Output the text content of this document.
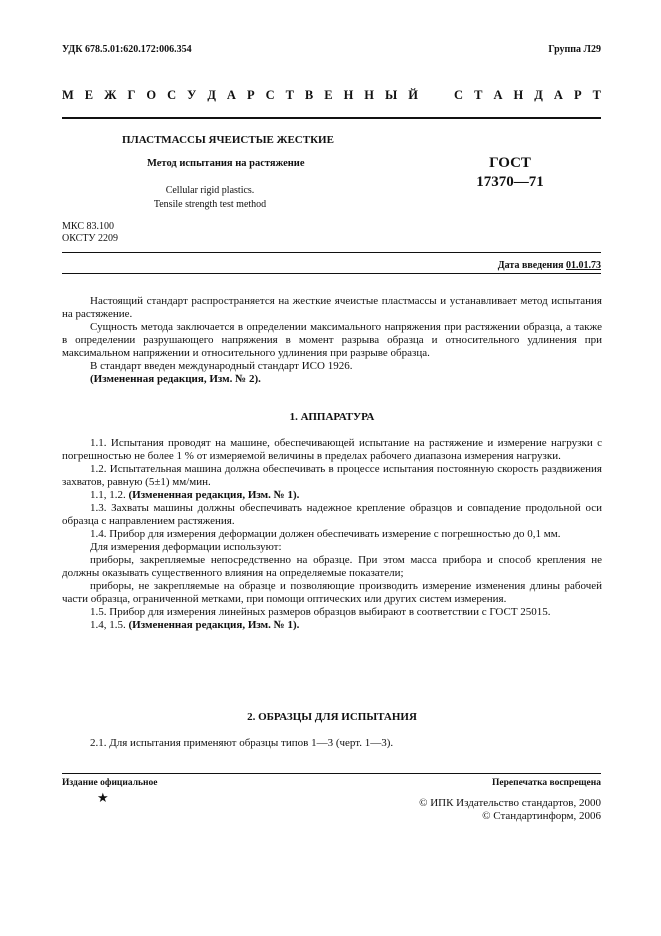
УДК 678.5.01:620.172:006.354	Группа Л29
М Е Ж Г О С У Д А Р С Т В Е Н Н Ы Й	С Т А Н Д А Р Т
ПЛАСТМАССЫ ЯЧЕИСТЫЕ ЖЕСТКИЕ
Метод испытания на растяжение
Cellular rigid plastics.
Tensile strength test method
ГОСТ
17370—71
МКС 83.100
ОКСТУ 2209
Дата введения 01.01.73

Настоящий стандарт распространяется на жесткие ячеистые пластмассы и устанавливает метод испытания на растяжение.

Сущность метода заключается в определении максимального напряжения при растяжении образца, а также в определении разрушающего напряжения в момент разрыва образца и относительного удлинения при максимальном напряжении и относительного удлинения при разрыве образца.

В стандарт введен международный стандарт ИСО 1926.

(Измененная редакция, Изм. № 2).

1. АППАРАТУРА

1.1. Испытания проводят на машине, обеспечивающей испытание на растяжение и измерение нагрузки с погрешностью не более 1 % от измеряемой величины в пределах рабочего диапазона измерения нагрузки.

1.2. Испытательная машина должна обеспечивать в процессе испытания постоянную скорость раздвижения захватов, равную (5±1) мм/мин.

1.1, 1.2. (Измененная редакция, Изм. № 1).

1.3. Захваты машины должны обеспечивать надежное крепление образцов и совпадение продольной оси образца с направлением растяжения.

1.4. Прибор для измерения деформации должен обеспечивать измерение с погрешностью до 0,1 мм.

Для измерения деформации используют:

приборы, закрепляемые непосредственно на образце. При этом масса прибора и способ крепления не должны оказывать существенного влияния на определяемые показатели;

приборы, не закрепляемые на образце и позволяющие производить измерение изменения длины рабочей части образца, ограниченной метками, при помощи оптических или других систем измерения.

1.5. Прибор для измерения линейных размеров образцов выбирают в соответствии с ГОСТ 25015.

1.4, 1.5. (Измененная редакция, Изм. № 1).

2. ОБРАЗЦЫ ДЛЯ ИСПЫТАНИЯ

2.1. Для испытания применяют образцы типов 1—3 (черт. 1—3).

Издание официальное	Перепечатка воспрещена
★	© ИПК Издательство стандартов, 2000
© Стандартинформ, 2006
